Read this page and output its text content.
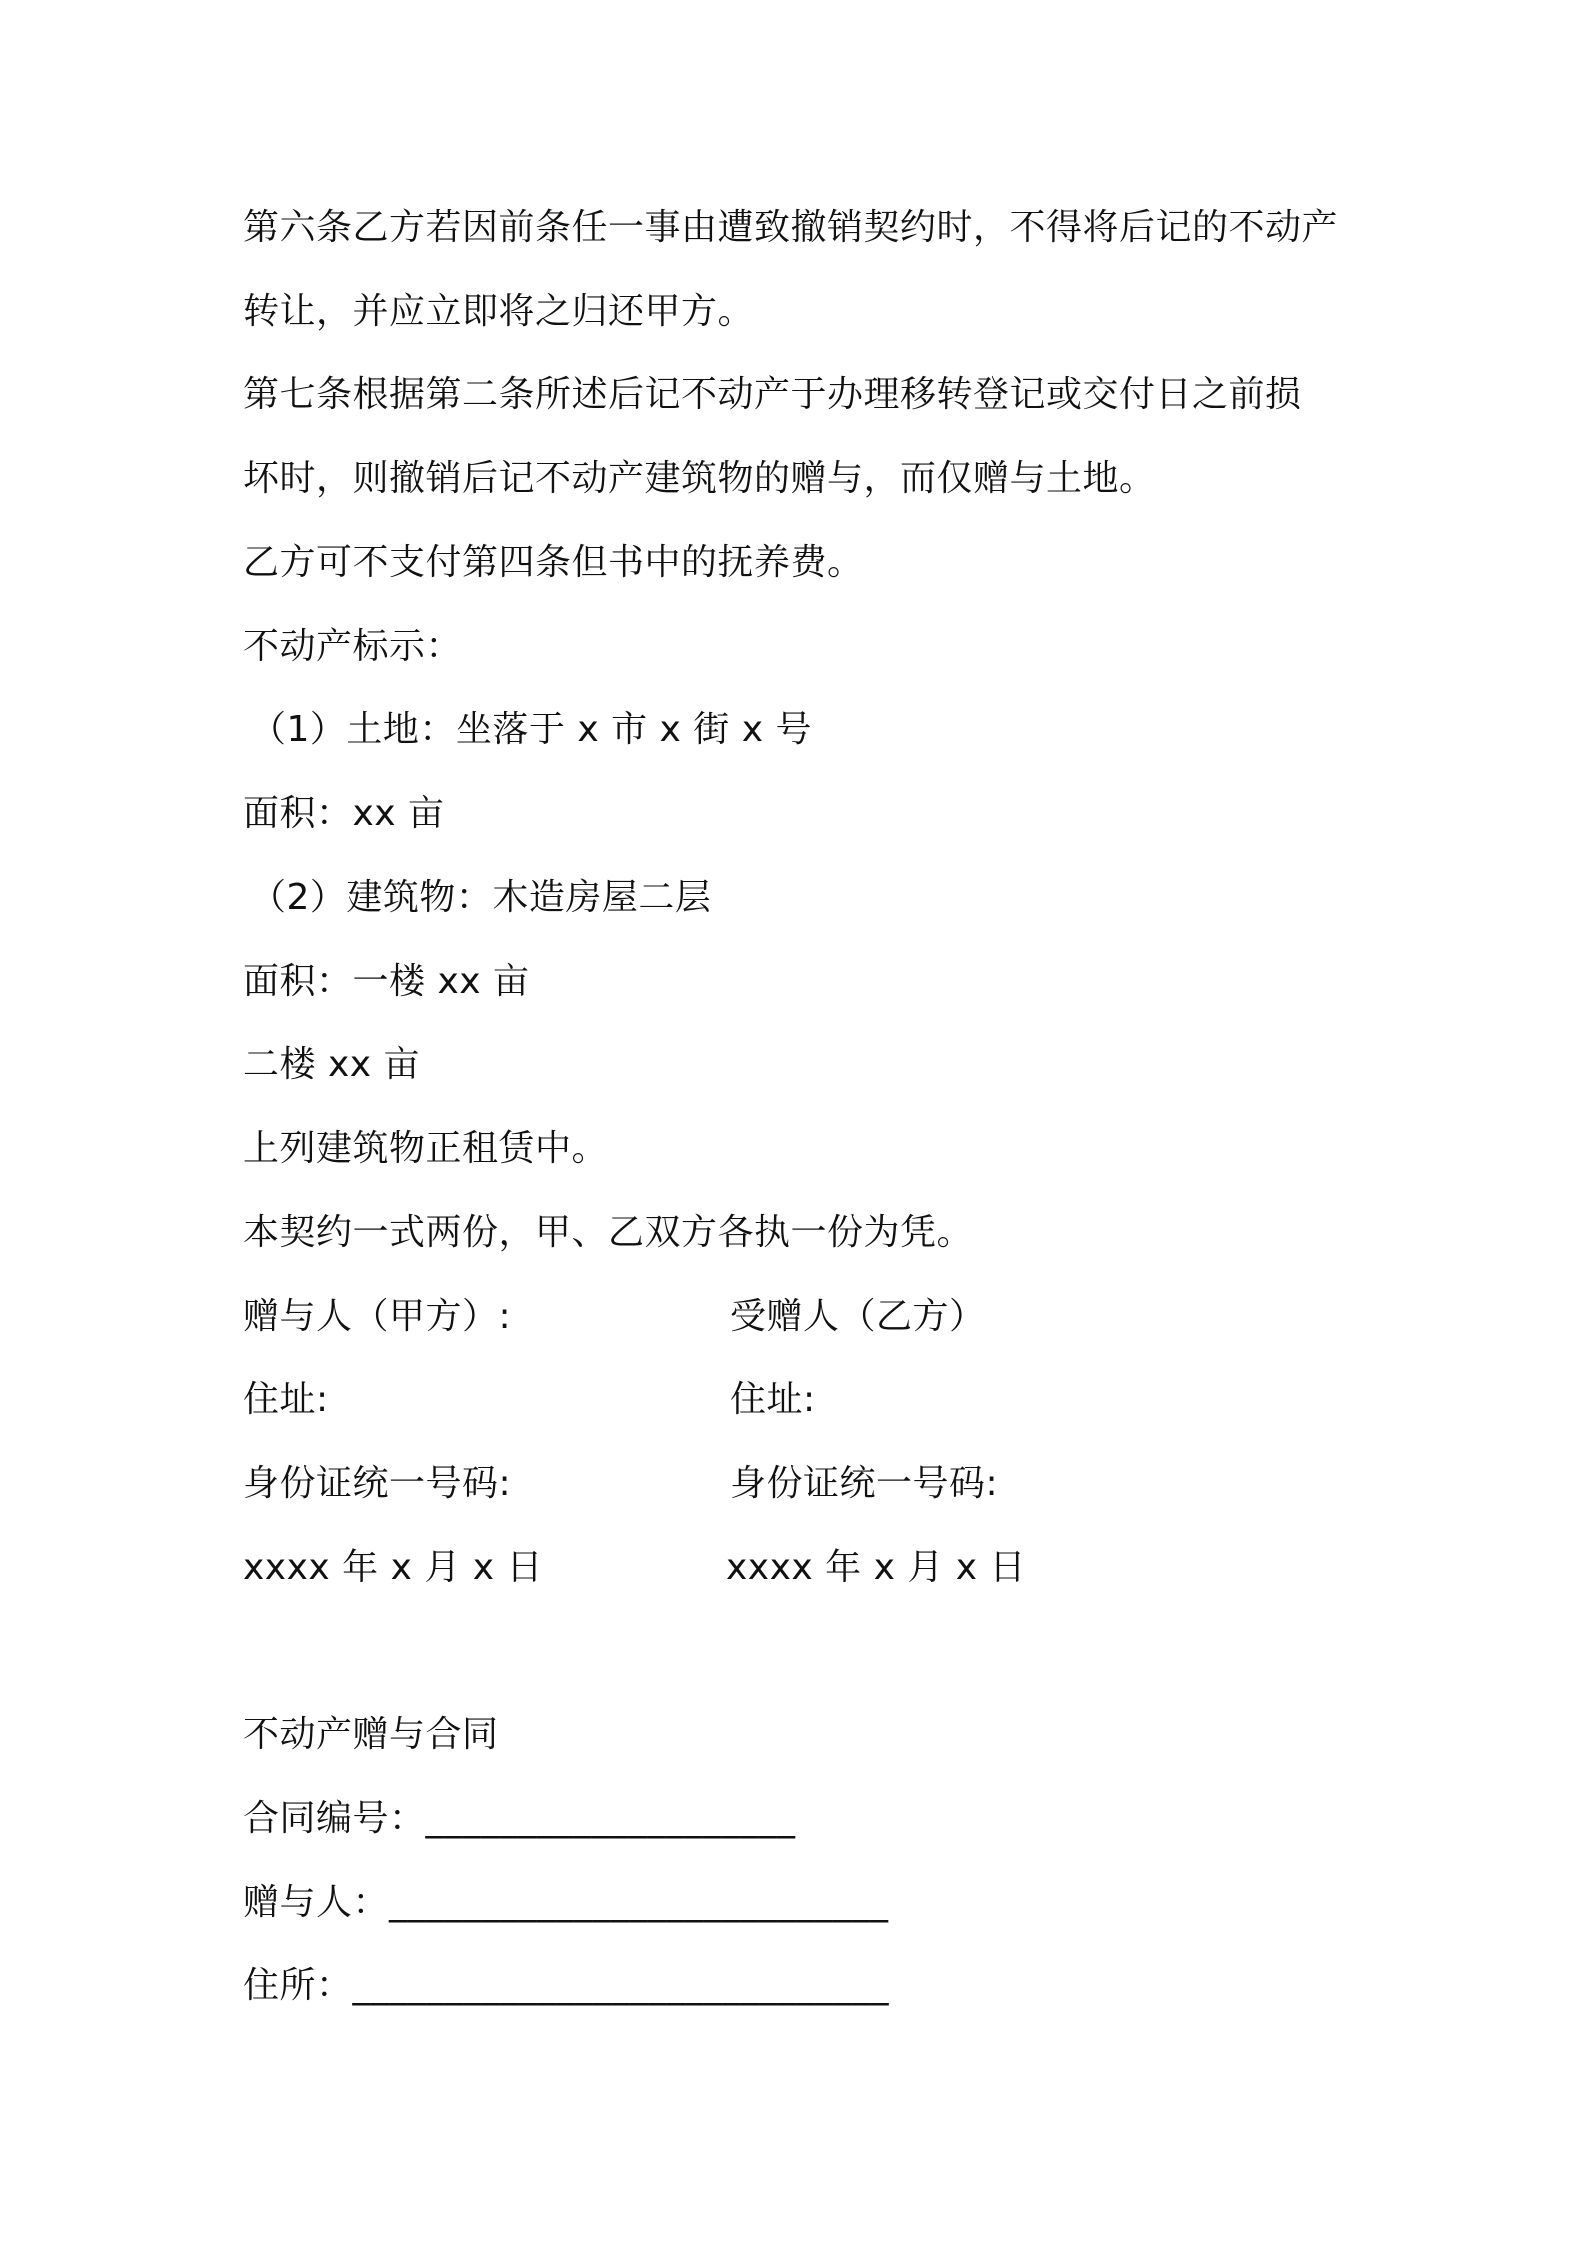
第六条乙方若因前条任一事由遭致撤销契约时，不得将后记的不动产
转让，并应立即将之归还甲方。
第七条根据第二条所述后记不动产于办理移转登记或交付日之前损
坏时，则撤销后记不动产建筑物的赠与，而仅赠与土地。
乙方可不支付第四条但书中的抚养费。
不动产标示：
（1）土地：坐落于 x 市 x 街 x 号
面积：xx 亩
（2）建筑物：木造房屋二层
面积：一楼 xx 亩
二楼 xx 亩
上列建筑物正租赁中。
本契约一式两份，甲、乙双方各执一份为凭。
赠与人（甲方）:	受赠人（乙方）
住址:	住址:
身份证统一号码:	身份证统一号码:
xxxx 年 x 月 x 日	xxxx 年 x 月 x 日
不动产赠与合同
合同编号：____________________
赠与人：___________________________
住所：_____________________________
